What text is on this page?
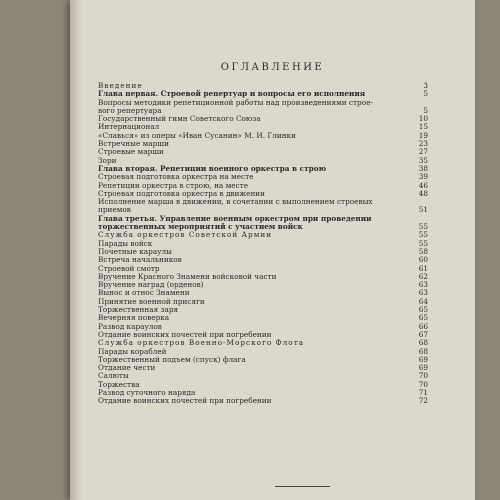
ОГЛАВЛЕНИЕ
Введение	3
Глава первая. Строевой репертуар и вопросы его исполнения	5
Вопросы методики репетиционной работы над произведениями строе-
вого репертуара	5
Государственный гимн Советского Союза	10
Интернационал	15
«Славься» из оперы «Иван Сусанин» М. И. Глинки	19
Встречные марши	23
Строевые марши	27
Зори	35
Глава вторая. Репетиции военного оркестра в строю	38
Строевая подготовка оркестра на месте	39
Репетиции оркестра в строю, на месте	46
Строевая подготовка оркестра в движении	48
Исполнение марша в движении, в сочетании с выполнением строевых
приемов	51
Глава третья. Управление военным оркестром при проведении
торжественных мероприятий с участием войск	55
Служба оркестров Советской Армии	55
Парады войск	55
Почетные караулы	58
Встреча начальников	60
Строевой смотр	61
Вручение Красного Знамени войсковой части	62
Вручение наград (орденов)	63
Вынос и относ Знамени	63
Принятие военной присяги	64
Торжественная заря	65
Вечерняя поверка	65
Развод караулов	66
Отдание воинских почестей при погребении	67
Служба оркестров Военно-Морского Флота	68
Парады кораблей	68
Торжественный подъем (спуск) флага	69
Отдание чести	69
Салюты	70
Торжества	70
Развод суточного наряда	71
Отдание воинских почестей при погребении	72
